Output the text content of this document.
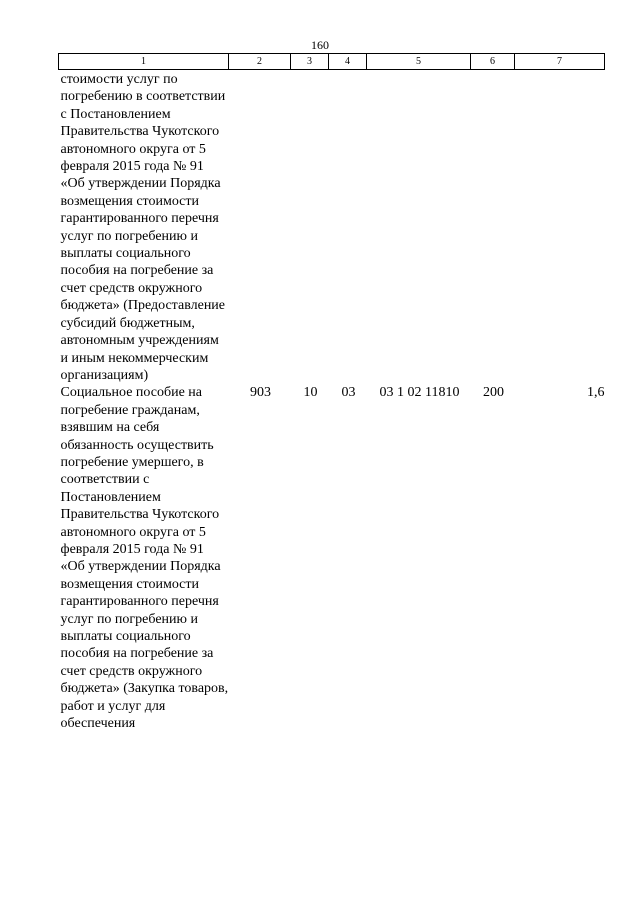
160
1	2	3	4	5	6	7
стоимости услуг по погребению в соответствии с Постановлением Правительства Чукотского автономного округа от 5 февраля 2015 года № 91 «Об утверждении Порядка возмещения стоимости гарантированного перечня услуг по погребению и выплаты социального пособия на погребение за счет средств окружного бюджета» (Предоставление субсидий бюджетным, автономным учреждениям и иным некоммерческим организациям)						
Социальное пособие на погребение гражданам, взявшим на себя обязанность осуществить погребение умершего, в соответствии с Постановлением Правительства Чукотского автономного округа от 5 февраля 2015 года № 91 «Об утверждении Порядка возмещения стоимости гарантированного перечня услуг по погребению и выплаты социального пособия на погребение за счет средств окружного бюджета» (Закупка товаров, работ и услуг для обеспечения	903	10	03	03 1 02 11810	200	1,6
